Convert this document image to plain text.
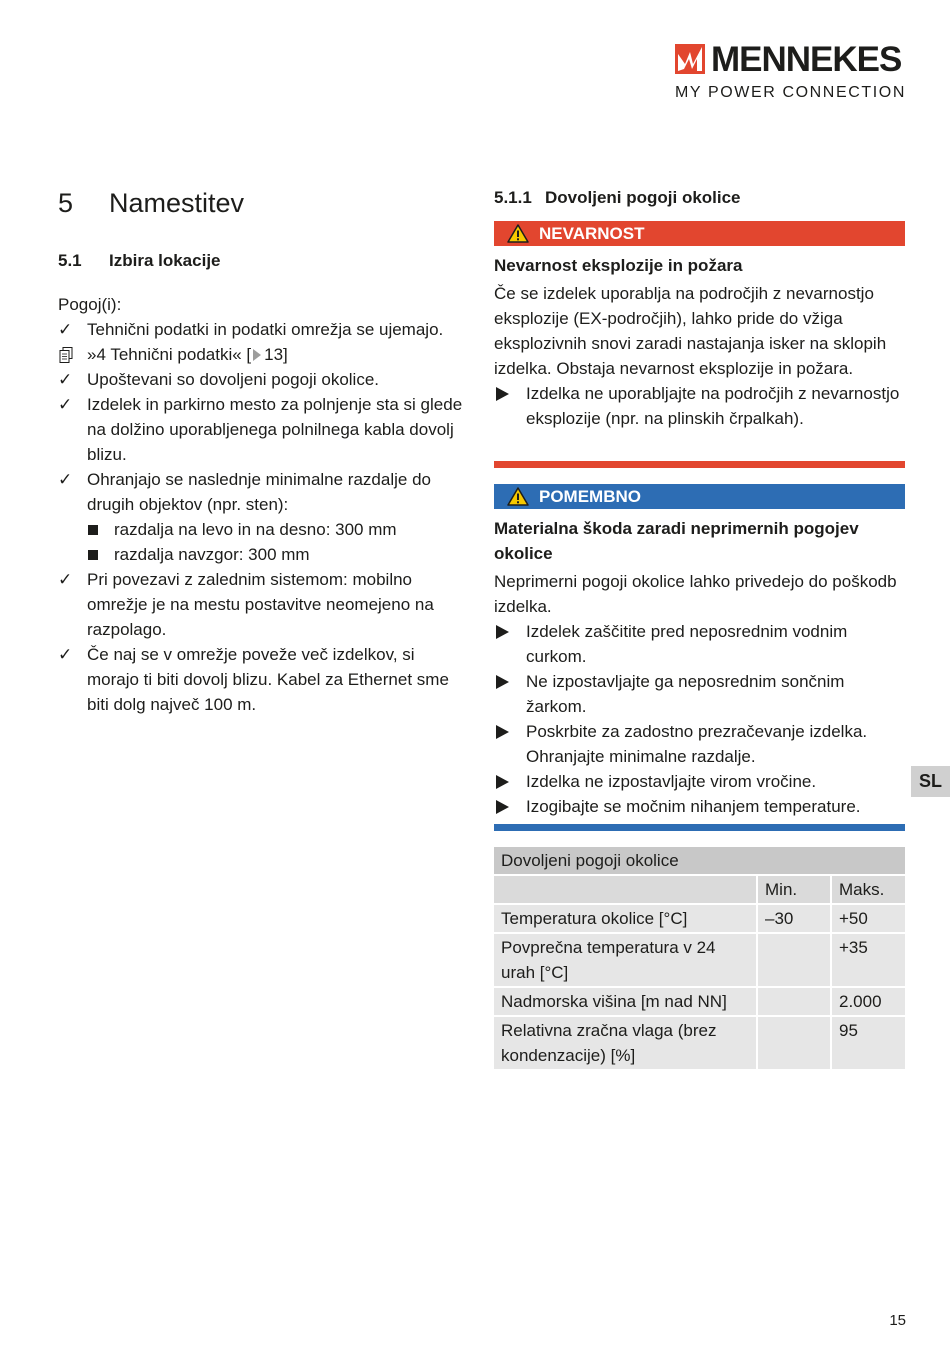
MENNEKES
MY POWER CONNECTION
5 Namestitev
5.1 Izbira lokacije
Pogoj(i):
✓ Tehnični podatki in podatki omrežja se ujemajo.
»4 Tehnični podatki« [ 13]
✓ Upoštevani so dovoljeni pogoji okolice.
✓ Izdelek in parkirno mesto za polnjenje sta si glede na dolžino uporabljenega polnilnega kabla dovolj blizu.
✓ Ohranjajo se naslednje minimalne razdalje do drugih objektov (npr. sten):
razdalja na levo in na desno: 300 mm
razdalja navzgor: 300 mm
✓ Pri povezavi z zalednim sistemom: mobilno omrežje je na mestu postavitve neomejeno na razpolago.
✓ Če naj se v omrežje poveže več izdelkov, si morajo ti biti dovolj blizu. Kabel za Ethernet sme biti dolg največ 100 m.
5.1.1 Dovoljeni pogoji okolice
NEVARNOST
Nevarnost eksplozije in požara
Če se izdelek uporablja na področjih z nevarnostjo eksplozije (EX-področjih), lahko pride do vžiga eksplozivnih snovi zaradi nastajanja isker na sklopih izdelka. Obstaja nevarnost eksplozije in požara.
Izdelka ne uporabljajte na področjih z nevarnostjo eksplozije (npr. na plinskih črpalkah).
POMEMBNO
Materialna škoda zaradi neprimernih pogojev okolice
Neprimerni pogoji okolice lahko privedejo do poškodb izdelka.
Izdelek zaščitite pred neposrednim vodnim curkom.
Ne izpostavljajte ga neposrednim sončnim žarkom.
Poskrbite za zadostno prezračevanje izdelka. Ohranjajte minimalne razdalje.
Izdelka ne izpostavljajte virom vročine.
Izogibajte se močnim nihanjem temperature.
Dovoljeni pogoji okolice		
	Min.	Maks.
Temperatura okolice [°C]	–30	+50
Povprečna temperatura v 24 urah [°C]		+35
Nadmorska višina [m nad NN]		2.000
Relativna zračna vlaga (brez kondenzacije) [%]		95
SL
15
